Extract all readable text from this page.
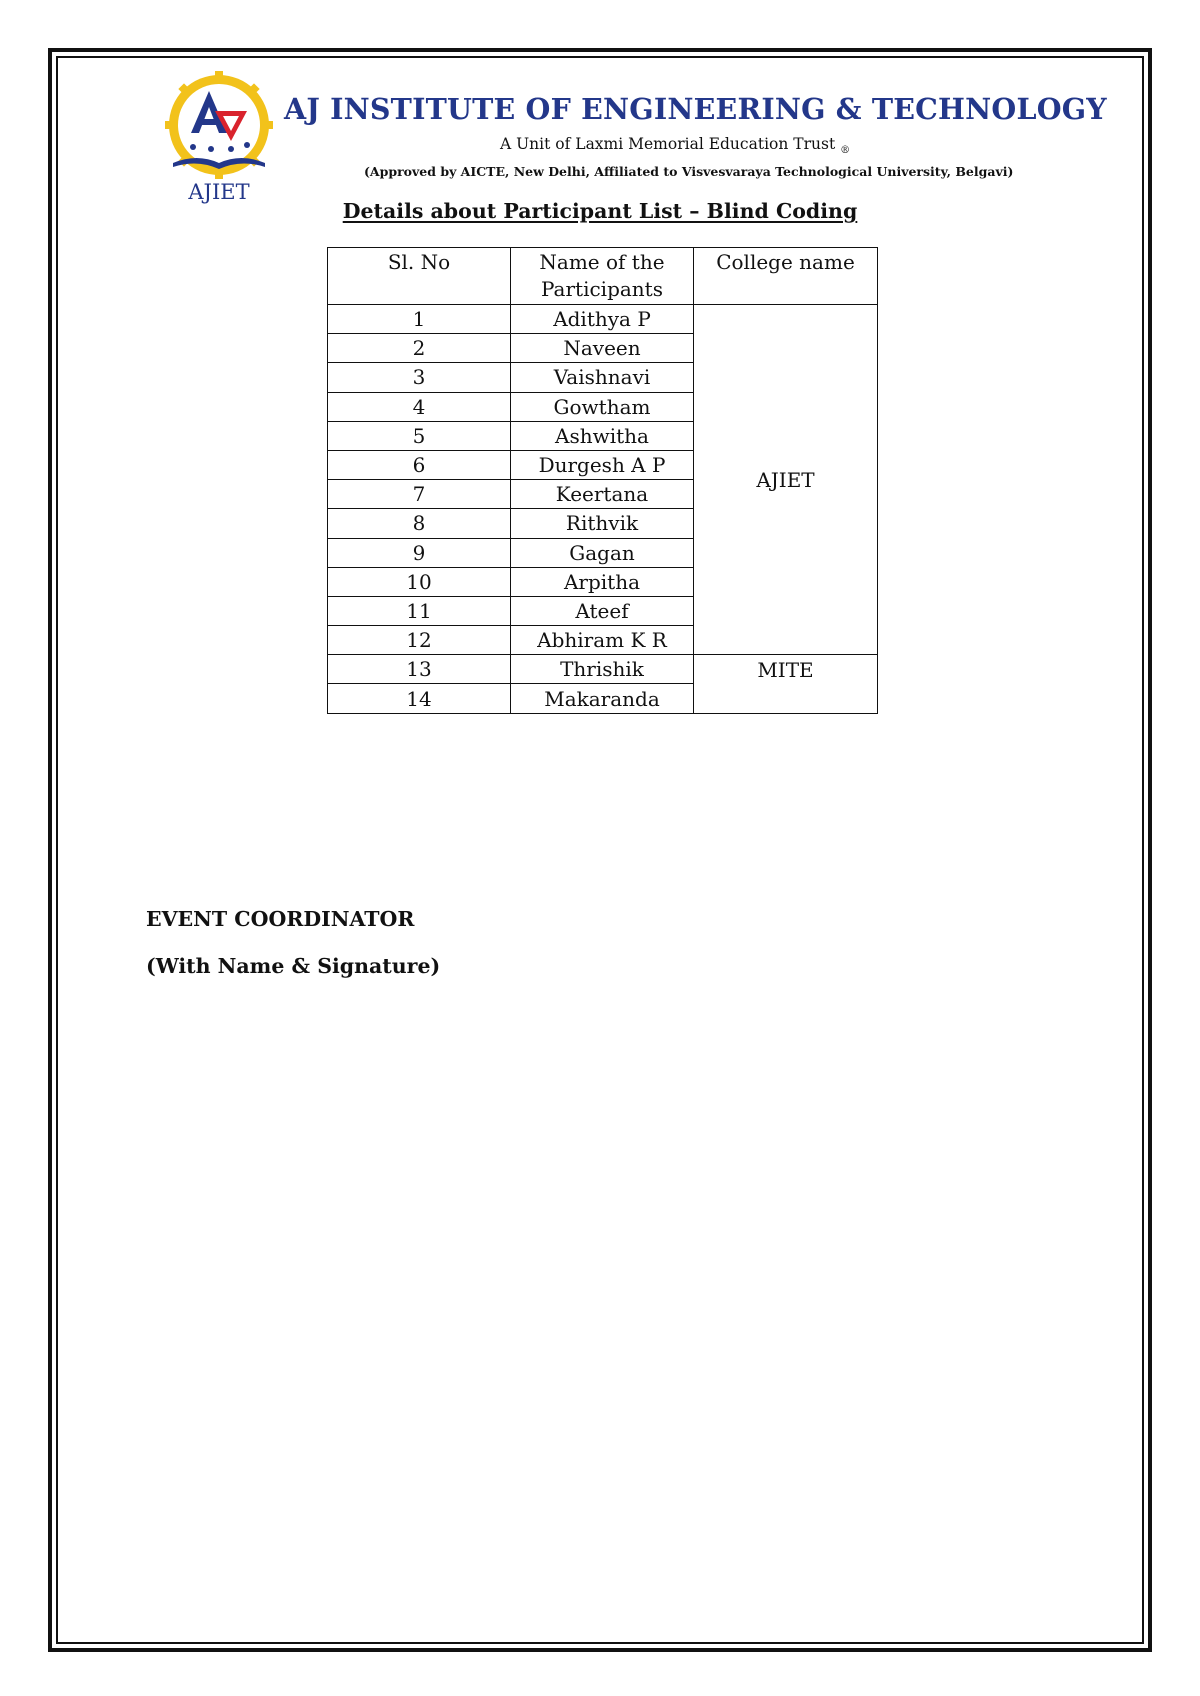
AJIET
AJ INSTITUTE OF ENGINEERING & TECHNOLOGY
A Unit of Laxmi Memorial Education Trust $_®$
(Approved by AICTE, New Delhi, Affiliated to Visvesvaraya Technological University, Belgavi)
Details about Participant List – Blind Coding
Sl. No	Name of the Participants	College name
1	Adithya P	AJIET
2	Naveen	
3	Vaishnavi	
4	Gowtham	
5	Ashwitha	
6	Durgesh A P	
7	Keertana	
8	Rithvik	
9	Gagan	
10	Arpitha	
11	Ateef	
12	Abhiram K R	
13	Thrishik	MITE
14	Makaranda	
EVENT COORDINATOR
(With Name & Signature)
